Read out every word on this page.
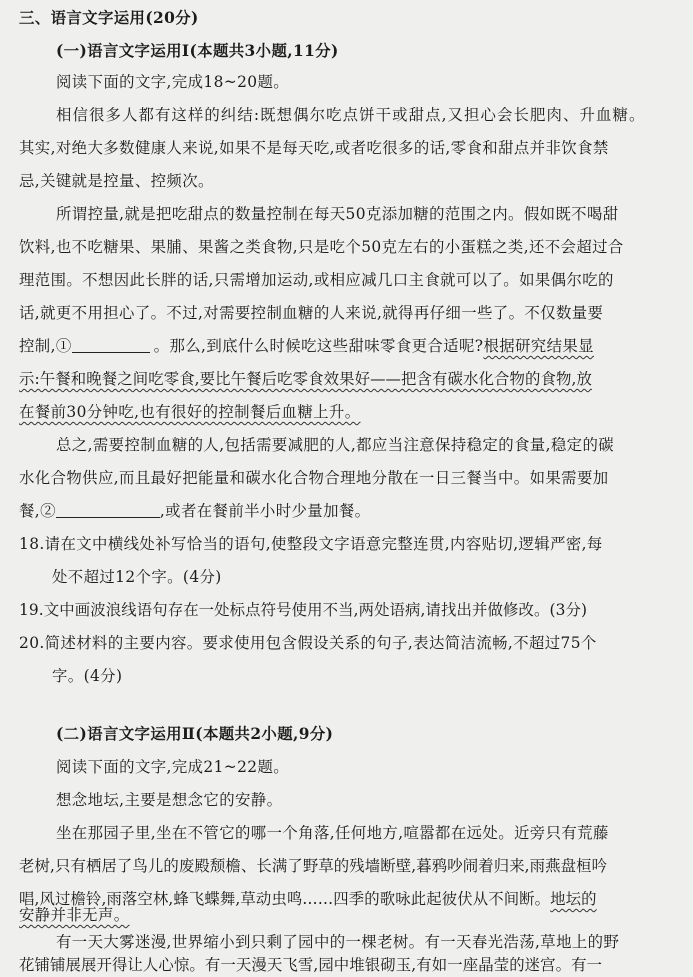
三、语言文字运用(20分)
(一)语言文字运用Ⅰ(本题共3小题,11分)
阅读下面的文字,完成18~20题。
相信很多人都有这样的纠结:既想偶尔吃点饼干或甜点,又担心会长肥肉、升血糖。
其实,对绝大多数健康人来说,如果不是每天吃,或者吃很多的话,零食和甜点并非饮食禁
忌,关键就是控量、控频次。
所谓控量,就是把吃甜点的数量控制在每天50克添加糖的范围之内。假如既不喝甜
饮料,也不吃糖果、果脯、果酱之类食物,只是吃个50克左右的小蛋糕之类,还不会超过合
理范围。不想因此长胖的话,只需增加运动,或相应减几口主食就可以了。如果偶尔吃的
话,就更不用担心了。不过,对需要控制血糖的人来说,就得再仔细一些了。不仅数量要
控制,①	。那么,到底什么时候吃这些甜味零食更合适呢?根据研究结果显
示:午餐和晚餐之间吃零食,要比午餐后吃零食效果好——把含有碳水化合物的食物,放
在餐前30分钟吃,也有很好的控制餐后血糖上升。
总之,需要控制血糖的人,包括需要减肥的人,都应当注意保持稳定的食量,稳定的碳
水化合物供应,而且最好把能量和碳水化合物合理地分散在一日三餐当中。如果需要加
餐,②	,或者在餐前半小时少量加餐。
18.请在文中横线处补写恰当的语句,使整段文字语意完整连贯,内容贴切,逻辑严密,每
处不超过12个字。(4分)
19.文中画波浪线语句存在一处标点符号使用不当,两处语病,请找出并做修改。(3分)
20.简述材料的主要内容。要求使用包含假设关系的句子,表达简洁流畅,不超过75个
字。(4分)
(二)语言文字运用Ⅱ(本题共2小题,9分)
阅读下面的文字,完成21~22题。
想念地坛,主要是想念它的安静。
坐在那园子里,坐在不管它的哪一个角落,任何地方,喧嚣都在远处。近旁只有荒藤
老树,只有栖居了鸟儿的废殿颓檐、长满了野草的残墙断壁,暮鸦吵闹着归来,雨燕盘桓吟
唱,风过檐铃,雨落空林,蜂飞蝶舞,草动虫鸣……四季的歌咏此起彼伏从不间断。地坛的
安静并非无声。
有一天大雾迷漫,世界缩小到只剩了园中的一棵老树。有一天春光浩荡,草地上的野
花铺铺展展开得让人心惊。有一天漫天飞雪,园中堆银砌玉,有如一座晶莹的迷宫。有一
